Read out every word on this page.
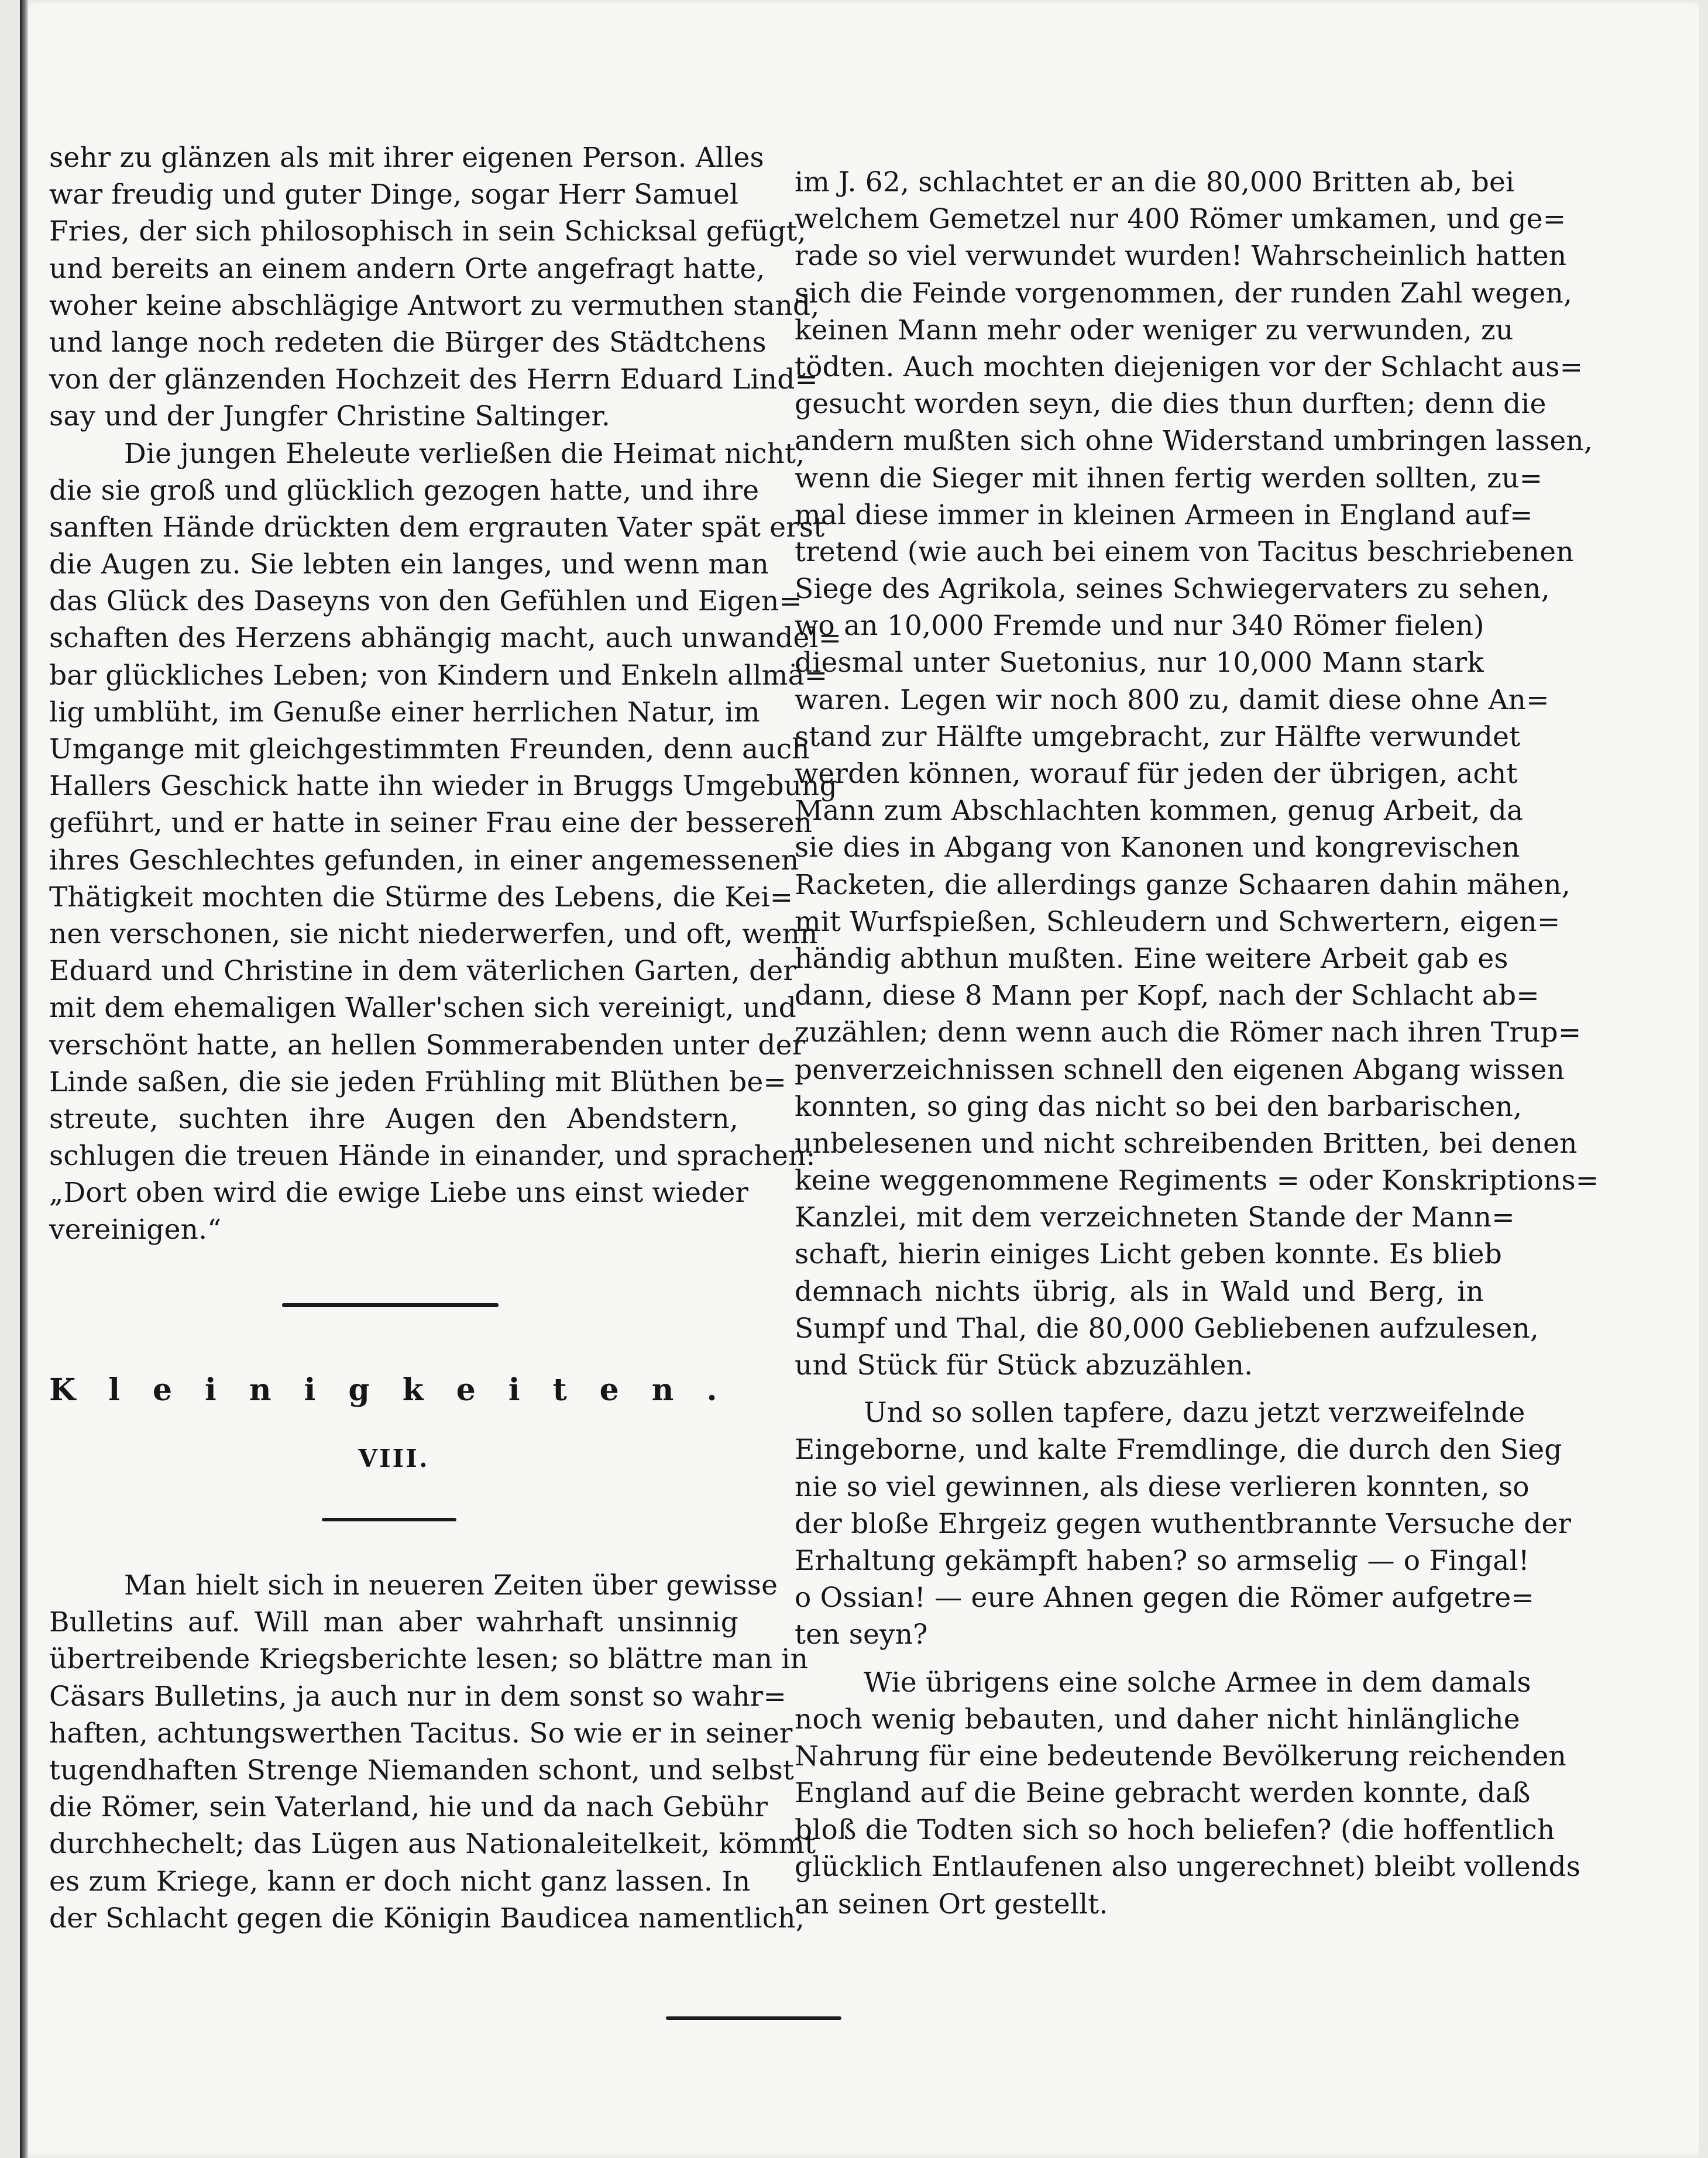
sehr zu glänzen als mit ihrer eigenen Person. Alles
war freudig und guter Dinge, sogar Herr Samuel
Fries, der sich philosophisch in sein Schicksal gefügt,
und bereits an einem andern Orte angefragt hatte,
woher keine abschlägige Antwort zu vermuthen stand,
und lange noch redeten die Bürger des Städtchens
von der glänzenden Hochzeit des Herrn Eduard Lind=
say und der Jungfer Christine Saltinger.
Die jungen Eheleute verließen die Heimat nicht,
die sie groß und glücklich gezogen hatte, und ihre
sanften Hände drückten dem ergrauten Vater spät erst
die Augen zu. Sie lebten ein langes, und wenn man
das Glück des Daseyns von den Gefühlen und Eigen=
schaften des Herzens abhängig macht, auch unwandel=
bar glückliches Leben; von Kindern und Enkeln allmä=
lig umblüht, im Genuße einer herrlichen Natur, im
Umgange mit gleichgestimmten Freunden, denn auch
Hallers Geschick hatte ihn wieder in Bruggs Umgebung
geführt, und er hatte in seiner Frau eine der besseren
ihres Geschlechtes gefunden, in einer angemessenen
Thätigkeit mochten die Stürme des Lebens, die Kei=
nen verschonen, sie nicht niederwerfen, und oft, wenn
Eduard und Christine in dem väterlichen Garten, der
mit dem ehemaligen Waller'schen sich vereinigt, und
verschönt hatte, an hellen Sommerabenden unter der
Linde saßen, die sie jeden Frühling mit Blüthen be=
streute, suchten ihre Augen den Abendstern,
schlugen die treuen Hände in einander, und sprachen:
„Dort oben wird die ewige Liebe uns einst wieder
vereinigen.“
Kleinigkeiten.
VIII.
Man hielt sich in neueren Zeiten über gewisse
Bulletins auf. Will man aber wahrhaft unsinnig
übertreibende Kriegsberichte lesen; so blättre man in
Cäsars Bulletins, ja auch nur in dem sonst so wahr=
haften, achtungswerthen Tacitus. So wie er in seiner
tugendhaften Strenge Niemanden schont, und selbst
die Römer, sein Vaterland, hie und da nach Gebühr
durchhechelt; das Lügen aus Nationaleitelkeit, kömmt
es zum Kriege, kann er doch nicht ganz lassen. In
der Schlacht gegen die Königin Baudicea namentlich,
im J. 62, schlachtet er an die 80,000 Britten ab, bei
welchem Gemetzel nur 400 Römer umkamen, und ge=
rade so viel verwundet wurden! Wahrscheinlich hatten
sich die Feinde vorgenommen, der runden Zahl wegen,
keinen Mann mehr oder weniger zu verwunden, zu
tödten. Auch mochten diejenigen vor der Schlacht aus=
gesucht worden seyn, die dies thun durften; denn die
andern mußten sich ohne Widerstand umbringen lassen,
wenn die Sieger mit ihnen fertig werden sollten, zu=
mal diese immer in kleinen Armeen in England auf=
tretend (wie auch bei einem von Tacitus beschriebenen
Siege des Agrikola, seines Schwiegervaters zu sehen,
wo an 10,000 Fremde und nur 340 Römer fielen)
diesmal unter Suetonius, nur 10,000 Mann stark
waren. Legen wir noch 800 zu, damit diese ohne An=
stand zur Hälfte umgebracht, zur Hälfte verwundet
werden können, worauf für jeden der übrigen, acht
Mann zum Abschlachten kommen, genug Arbeit, da
sie dies in Abgang von Kanonen und kongrevischen
Racketen, die allerdings ganze Schaaren dahin mähen,
mit Wurfspießen, Schleudern und Schwertern, eigen=
händig abthun mußten. Eine weitere Arbeit gab es
dann, diese 8 Mann per Kopf, nach der Schlacht ab=
zuzählen; denn wenn auch die Römer nach ihren Trup=
penverzeichnissen schnell den eigenen Abgang wissen
konnten, so ging das nicht so bei den barbarischen,
unbelesenen und nicht schreibenden Britten, bei denen
keine weggenommene Regiments = oder Konskriptions=
Kanzlei, mit dem verzeichneten Stande der Mann=
schaft, hierin einiges Licht geben konnte. Es blieb
demnach nichts übrig, als in Wald und Berg, in
Sumpf und Thal, die 80,000 Gebliebenen aufzulesen,
und Stück für Stück abzuzählen.
Und so sollen tapfere, dazu jetzt verzweifelnde
Eingeborne, und kalte Fremdlinge, die durch den Sieg
nie so viel gewinnen, als diese verlieren konnten, so
der bloße Ehrgeiz gegen wuthentbrannte Versuche der
Erhaltung gekämpft haben? so armselig — o Fingal!
o Ossian! — eure Ahnen gegen die Römer aufgetre=
ten seyn?
Wie übrigens eine solche Armee in dem damals
noch wenig bebauten, und daher nicht hinlängliche
Nahrung für eine bedeutende Bevölkerung reichenden
England auf die Beine gebracht werden konnte, daß
bloß die Todten sich so hoch beliefen? (die hoffentlich
glücklich Entlaufenen also ungerechnet) bleibt vollends
an seinen Ort gestellt.
